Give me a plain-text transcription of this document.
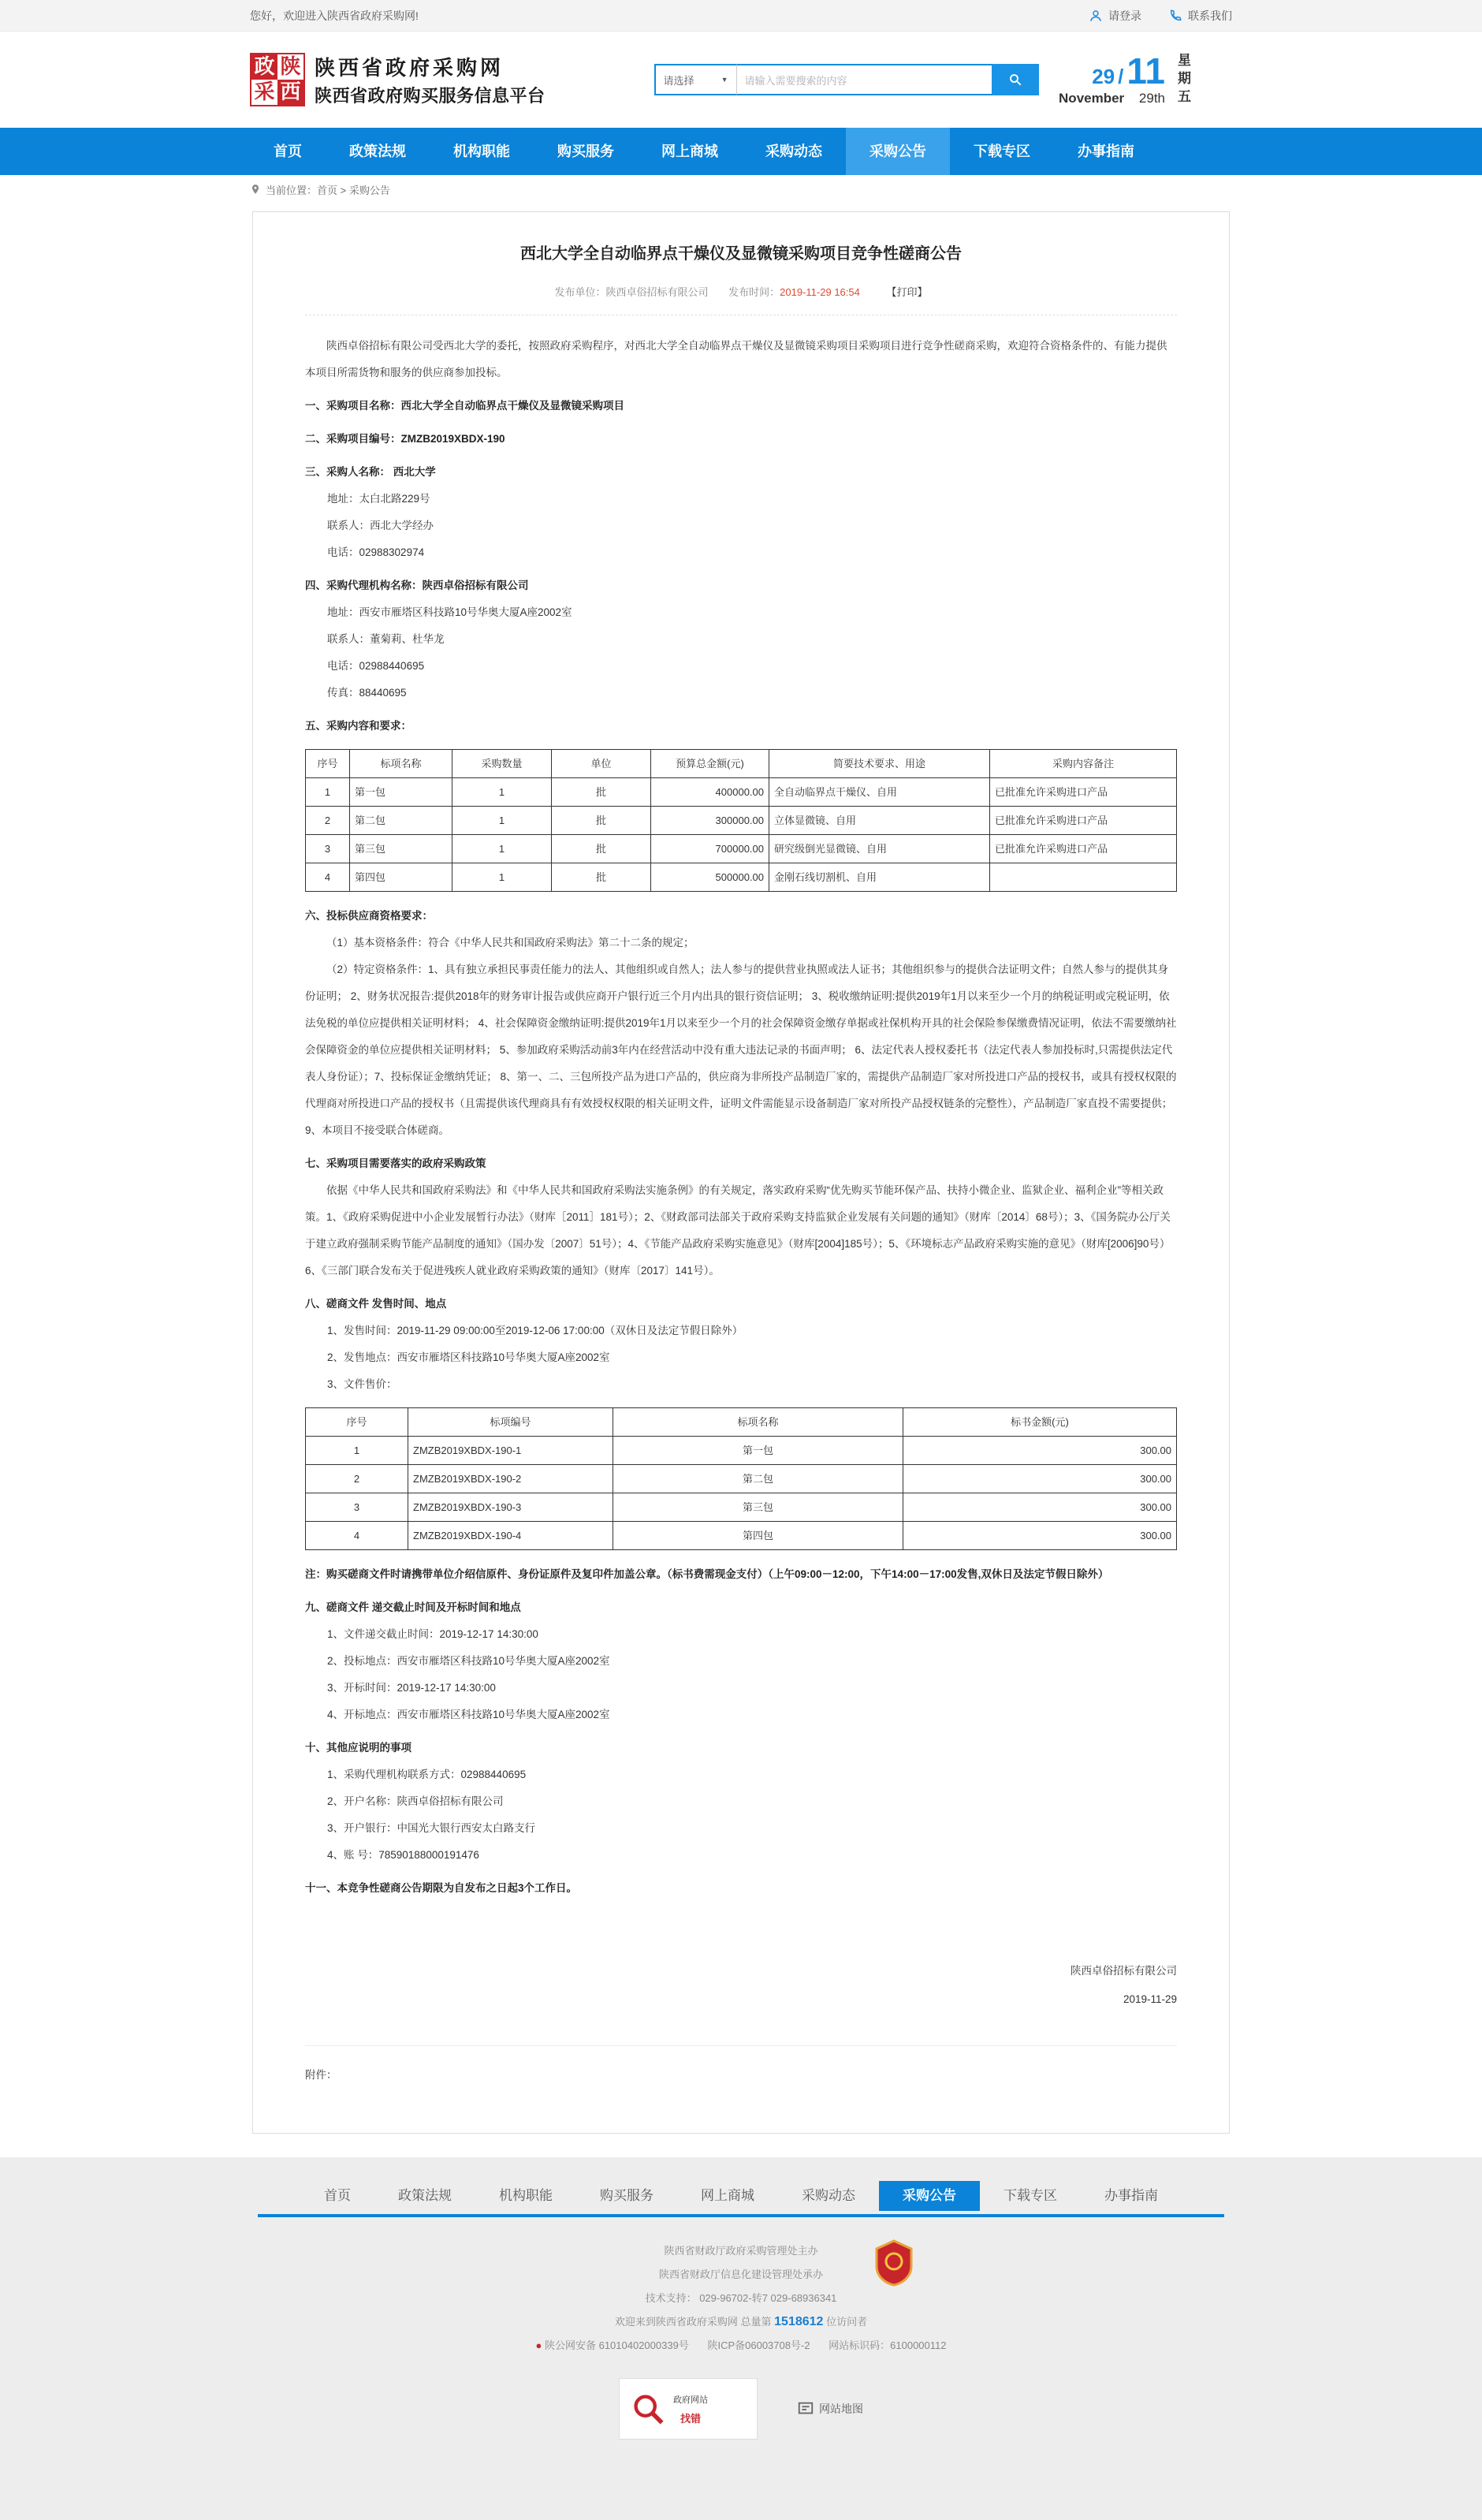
您好，欢迎进入陕西省政府采购网!	请登录	联系我们
政 陕
采 西
陕西省政府采购网
陕西省政府购买服务信息平台
请选择	▼ 请输入需要搜索的内容	29 / 11
November 29th 星期五
首页	政策法规	机构职能	购买服务	网上商城	采购动态	采购公告	下载专区	办事指南
当前位置：首页 > 采购公告
西北大学全自动临界点干燥仪及显微镜采购项目竞争性磋商公告
发布单位：陕西卓俗招标有限公司 发布时间：2019-11-29 16:54	【打印】
陕西卓俗招标有限公司受西北大学的委托，按照政府采购程序，对西北大学全自动临界点干燥仪及显微镜采购项目采购项目进行竞争性磋商采购，欢迎符合资格条件的、有能力提供本项目所需货物和服务的供应商参加投标。
一、采购项目名称：西北大学全自动临界点干燥仪及显微镜采购项目
二、采购项目编号：ZMZB2019XBDX-190
三、采购人名称： 西北大学
地址：太白北路229号
联系人：西北大学经办
电话：02988302974
四、采购代理机构名称：陕西卓俗招标有限公司
地址：西安市雁塔区科技路10号华奥大厦A座2002室
联系人：董菊莉、杜华龙
电话：02988440695
传真：88440695
五、采购内容和要求：
序号	标项名称	采购数量	单位	预算总金额(元)	简要技术要求、用途	采购内容备注
1	第一包	1	批	400000.00	全自动临界点干燥仪、自用	已批准允许采购进口产品
2	第二包	1	批	300000.00	立体显微镜、自用	已批准允许采购进口产品
3	第三包	1	批	700000.00	研究级倒光显微镜、自用	已批准允许采购进口产品
4	第四包	1	批	500000.00	金刚石线切割机、自用	
六、投标供应商资格要求：
（1）基本资格条件：符合《中华人民共和国政府采购法》第二十二条的规定；
（2）特定资格条件：1、具有独立承担民事责任能力的法人、其他组织或自然人；法人参与的提供营业执照或法人证书；其他组织参与的提供合法证明文件；自然人参与的提供其身份证明； 2、财务状况报告:提供2018年的财务审计报告或供应商开户银行近三个月内出具的银行资信证明； 3、税收缴纳证明:提供2019年1月以来至少一个月的纳税证明或完税证明，依法免税的单位应提供相关证明材料； 4、社会保障资金缴纳证明:提供2019年1月以来至少一个月的社会保障资金缴存单据或社保机构开具的社会保险参保缴费情况证明，依法不需要缴纳社会保障资金的单位应提供相关证明材料； 5、参加政府采购活动前3年内在经营活动中没有重大违法记录的书面声明； 6、法定代表人授权委托书（法定代表人参加投标时,只需提供法定代表人身份证）；7、投标保证金缴纳凭证； 8、第一、二、三包所投产品为进口产品的，供应商为非所投产品制造厂家的，需提供产品制造厂家对所投进口产品的授权书，或具有授权权限的代理商对所投进口产品的授权书（且需提供该代理商具有有效授权权限的相关证明文件，证明文件需能显示设备制造厂家对所投产品授权链条的完整性），产品制造厂家直投不需要提供； 9、本项目不接受联合体磋商。
七、采购项目需要落实的政府采购政策
依据《中华人民共和国政府采购法》和《中华人民共和国政府采购法实施条例》的有关规定，落实政府采购“优先购买节能环保产品、扶持小微企业、监狱企业、福利企业”等相关政策。1、《政府采购促进中小企业发展暂行办法》（财库［2011］181号）；2、《财政部司法部关于政府采购支持监狱企业发展有关问题的通知》（财库〔2014〕68号）；3、《国务院办公厅关于建立政府强制采购节能产品制度的通知》（国办发〔2007〕51号）；4、《节能产品政府采购实施意见》（财库[2004]185号）；5、《环境标志产品政府采购实施的意见》（财库[2006]90号）6、《三部门联合发布关于促进残疾人就业政府采购政策的通知》（财库〔2017〕141号）。
八、磋商文件 发售时间、地点
1、发售时间：2019-11-29 09:00:00至2019-12-06 17:00:00（双休日及法定节假日除外）
2、发售地点：西安市雁塔区科技路10号华奥大厦A座2002室
3、文件售价：
序号	标项编号	标项名称	标书金额(元)
1	ZMZB2019XBDX-190-1	第一包	300.00
2	ZMZB2019XBDX-190-2	第二包	300.00
3	ZMZB2019XBDX-190-3	第三包	300.00
4	ZMZB2019XBDX-190-4	第四包	300.00
注：购买磋商文件时请携带单位介绍信原件、身份证原件及复印件加盖公章。（标书费需现金支付）（上午09:00－12:00，下午14:00－17:00发售,双休日及法定节假日除外）
九、磋商文件 递交截止时间及开标时间和地点
1、文件递交截止时间：2019-12-17 14:30:00
2、投标地点：西安市雁塔区科技路10号华奥大厦A座2002室
3、开标时间：2019-12-17 14:30:00
4、开标地点：西安市雁塔区科技路10号华奥大厦A座2002室
十、其他应说明的事项
1、采购代理机构联系方式：02988440695
2、开户名称：陕西卓俗招标有限公司
3、开户银行：中国光大银行西安太白路支行
4、账 号：78590188000191476
十一、本竞争性磋商公告期限为自发布之日起3个工作日。
陕西卓俗招标有限公司
2019-11-29
附件：
首页	政策法规	机构职能	购买服务	网上商城	采购动态	采购公告	下载专区	办事指南
陕西省财政厅政府采购管理处主办
陕西省财政厅信息化建设管理处承办
技术支持： 029-96702-转7 029-68936341
欢迎来到陕西省政府采购网 总量第 1518612 位访问者
● 陕公网安备 61010402000339号 陕ICP备06003708号-2 网站标识码：6100000112
政府网站
找错
网站地图
